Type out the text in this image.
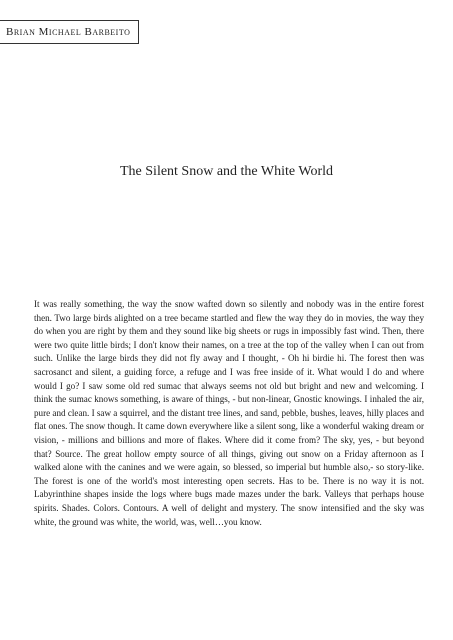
Brian Michael Barbeito
The Silent Snow and the White World

It was really something, the way the snow wafted down so silently and nobody was in the entire forest then. Two large birds alighted on a tree became startled and flew the way they do in movies, the way they do when you are right by them and they sound like big sheets or rugs in impossibly fast wind. Then, there were two quite little birds; I don't know their names, on a tree at the top of the valley when I can out from such. Unlike the large birds they did not fly away and I thought, - Oh hi birdie hi. The forest then was sacrosanct and silent, a guiding force, a refuge and I was free inside of it. What would I do and where would I go? I saw some old red sumac that always seems not old but bright and new and welcoming. I think the sumac knows something, is aware of things, - but non-linear, Gnostic knowings. I inhaled the air, pure and clean. I saw a squirrel, and the distant tree lines, and sand, pebble, bushes, leaves, hilly places and flat ones. The snow though. It came down everywhere like a silent song, like a wonderful waking dream or vision, - millions and billions and more of flakes. Where did it come from? The sky, yes, - but beyond that? Source. The great hollow empty source of all things, giving out snow on a Friday afternoon as I walked alone with the canines and we were again, so blessed, so imperial but humble also,- so story-like. The forest is one of the world's most interesting open secrets. Has to be. There is no way it is not. Labyrinthine shapes inside the logs where bugs made mazes under the bark. Valleys that perhaps house spirits. Shades. Colors. Contours. A well of delight and mystery. The snow intensified and the sky was white, the ground was white, the world, was, well…you know.
